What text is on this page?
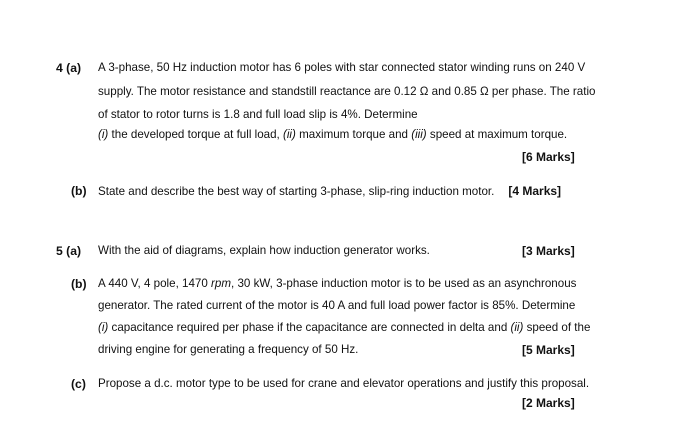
4 (a) A 3-phase, 50 Hz induction motor has 6 poles with star connected stator winding runs on 240 V
supply. The motor resistance and standstill reactance are 0.12 Ω and 0.85 Ω per phase. The ratio
of stator to rotor turns is 1.8 and full load slip is 4%. Determine
(i) the developed torque at full load, (ii) maximum torque and (iii) speed at maximum torque.
[6 Marks]
(b) State and describe the best way of starting 3-phase, slip-ring induction motor. [4 Marks]
5 (a) With the aid of diagrams, explain how induction generator works.	[3 Marks]
(b) A 440 V, 4 pole, 1470 rpm, 30 kW, 3-phase induction motor is to be used as an asynchronous
generator. The rated current of the motor is 40 A and full load power factor is 85%. Determine
(i) capacitance required per phase if the capacitance are connected in delta and (ii) speed of the
driving engine for generating a frequency of 50 Hz.	[5 Marks]
(c) Propose a d.c. motor type to be used for crane and elevator operations and justify this proposal.
[2 Marks]
